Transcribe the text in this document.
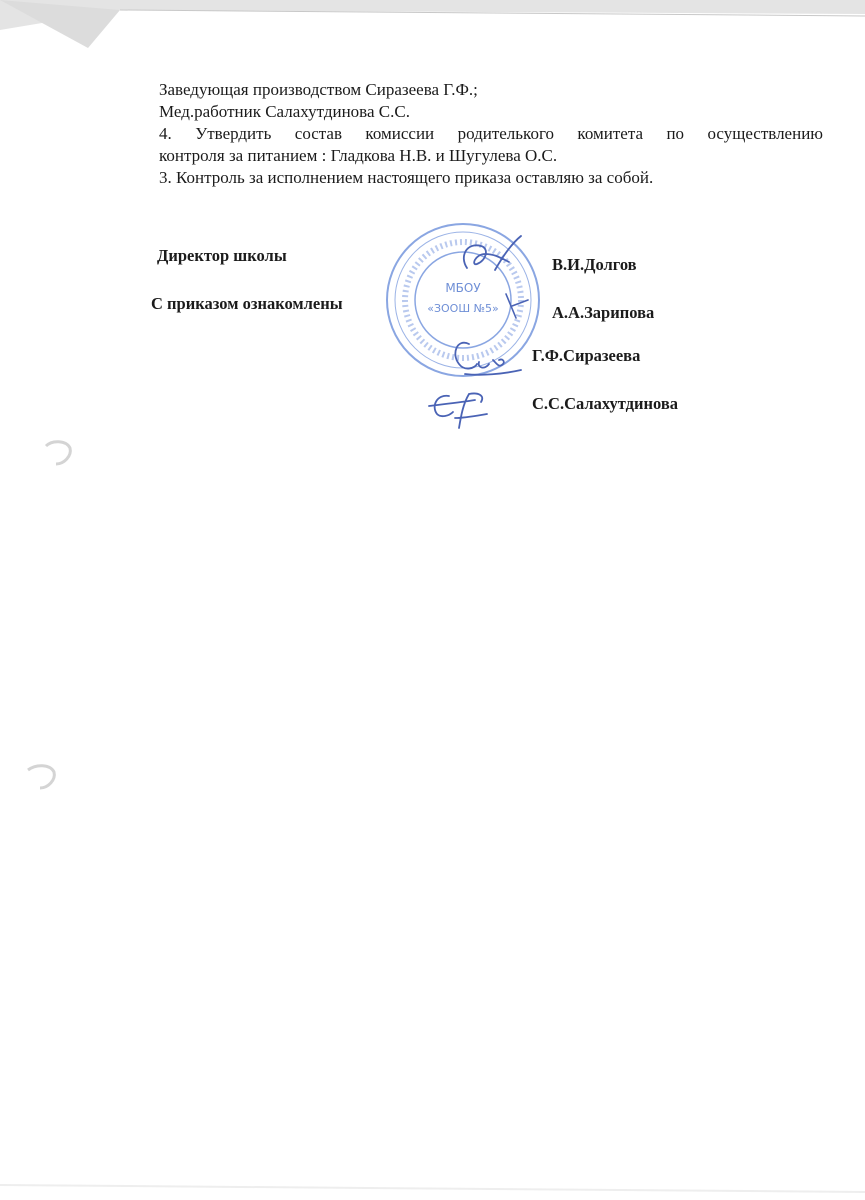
Заведующая производством Сиразеева Г.Ф.;
Мед.работник Салахутдинова С.С.
4. Утвердить состав комиссии родителького комитета по осуществлению
контроля за питанием : Гладкова Н.В. и Шугулева О.С.
3. Контроль за исполнением настоящего приказа оставляю за собой.
МБОУ
«ЗООШ №5»
Директор школы	В.И.Долгов
С приказом ознакомлены	А.А.Зарипова
Г.Ф.Сиразеева
С.С.Салахутдинова
